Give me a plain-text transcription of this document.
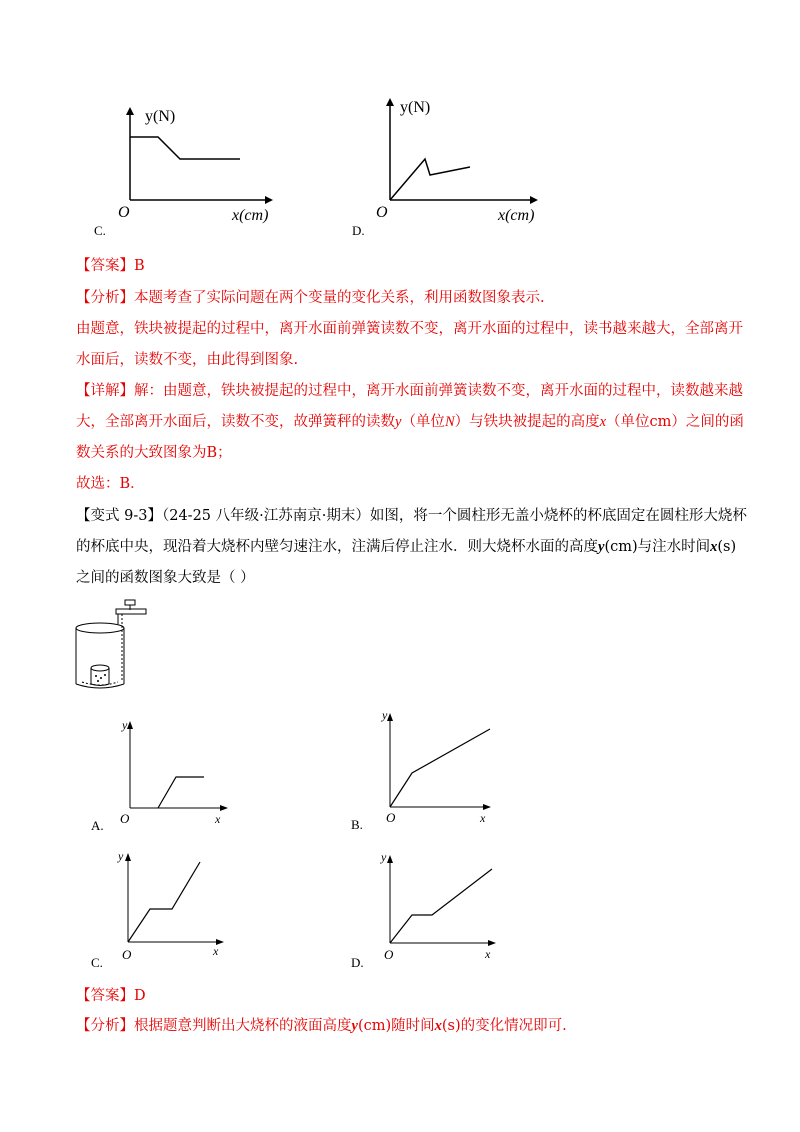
y(N)
x(cm)
O
C.
y(N)
x(cm)
O
D.
【答案】B
【分析】本题考查了实际问题在两个变量的变化关系，利用函数图象表示.
由题意，铁块被提起的过程中，离开水面前弹簧读数不变，离开水面的过程中，读书越来越大，全部离开
水面后，读数不变，由此得到图象.
【详解】解：由题意，铁块被提起的过程中，离开水面前弹簧读数不变，离开水面的过程中，读数越来越
大，全部离开水面后，读数不变，故弹簧秤的读数y（单位N）与铁块被提起的高度x（单位cm）之间的函
数关系的大致图象为B；
故选：B．
【变式 9-3】（24-25 八年级·江苏南京·期末）如图，将一个圆柱形无盖小烧杯的杯底固定在圆柱形大烧杯
的杯底中央，现沿着大烧杯内壁匀速注水，注满后停止注水．则大烧杯水面的高度y(cm)与注水时间x(s)
之间的函数图象大致是（ ）
y
x
O
A.
y
x
O
B.
y
x
O
C.
y
x
O
D.
【答案】D
【分析】根据题意判断出大烧杯的液面高度y(cm)随时间x(s)的变化情况即可.
